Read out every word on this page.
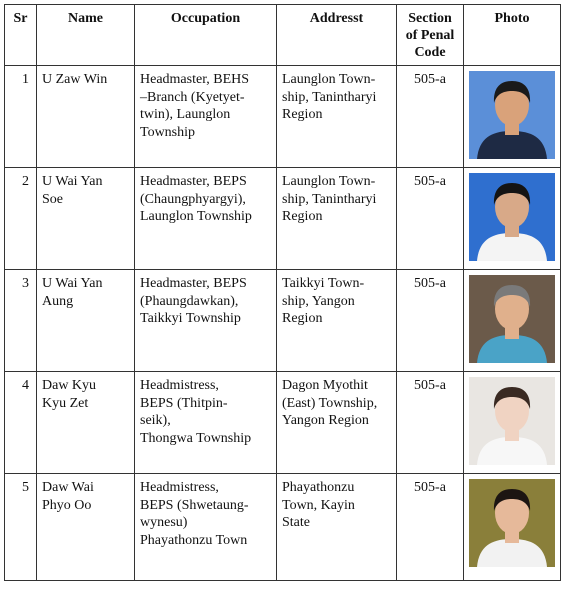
Sr	Name	Occupation	Addresst	Section
of Penal
Code	Photo
1	U Zaw Win	Headmaster, BEHS
–Branch (Kyetyet-
twin), Launglon
Township	Launglon Town-
ship, Tanintharyi
Region	505-a	

2	U Wai Yan
Soe	Headmaster, BEPS
(Chaungphyargyi),
Launglon Township	Launglon Town-
ship, Tanintharyi
Region	505-a	

3	U Wai Yan
Aung	Headmaster, BEPS
(Phaungdawkan),
Taikkyi Township	Taikkyi Town-
ship, Yangon
Region	505-a	

4	Daw Kyu
Kyu Zet	Headmistress,
BEPS (Thitpin-
seik),
Thongwa Township	Dagon Myothit
(East) Township,
Yangon Region	505-a	

5	Daw Wai
Phyo Oo	Headmistress,
BEPS (Shwetaung-
wynesu)
Phayathonzu Town	Phayathonzu
Town, Kayin
State	505-a	
